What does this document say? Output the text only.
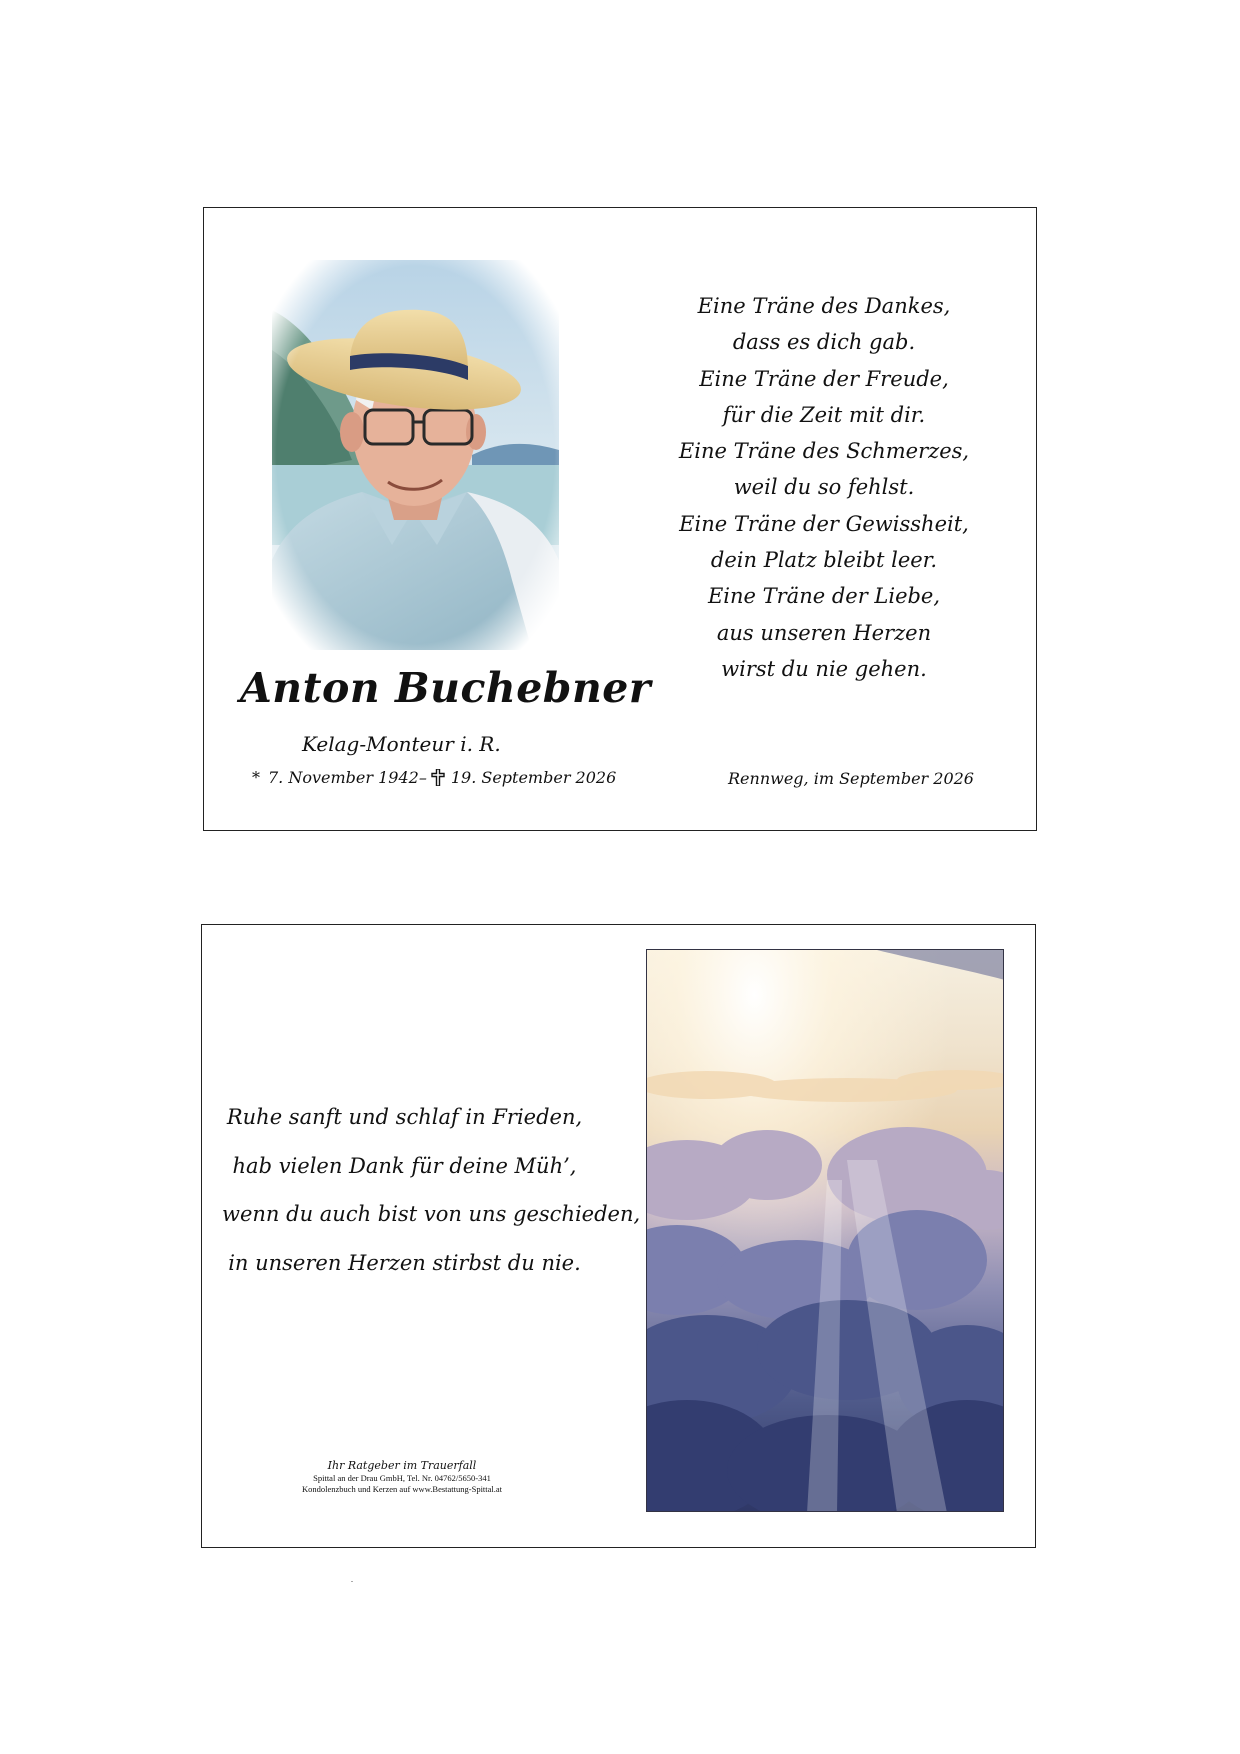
Eine Träne des Dankes,
dass es dich gab.
Eine Träne der Freude,
für die Zeit mit dir.
Eine Träne des Schmerzes,
weil du so fehlst.
Eine Träne der Gewissheit,
dein Platz bleibt leer.
Eine Träne der Liebe,
aus unseren Herzen
wirst du nie gehen.
Anton Buchebner
Kelag-Monteur i. R.
* 7. November 1942– 19. September 2026	Rennweg, im September 2026
Ruhe sanft und schlaf in Frieden,
hab vielen Dank für deine Müh’,
wenn du auch bist von uns geschieden,
in unseren Herzen stirbst du nie.
Ihr Ratgeber im Trauerfall
Spittal an der Drau GmbH, Tel. Nr. 04762/5650-341
Kondolenzbuch und Kerzen auf www.Bestattung-Spittal.at
